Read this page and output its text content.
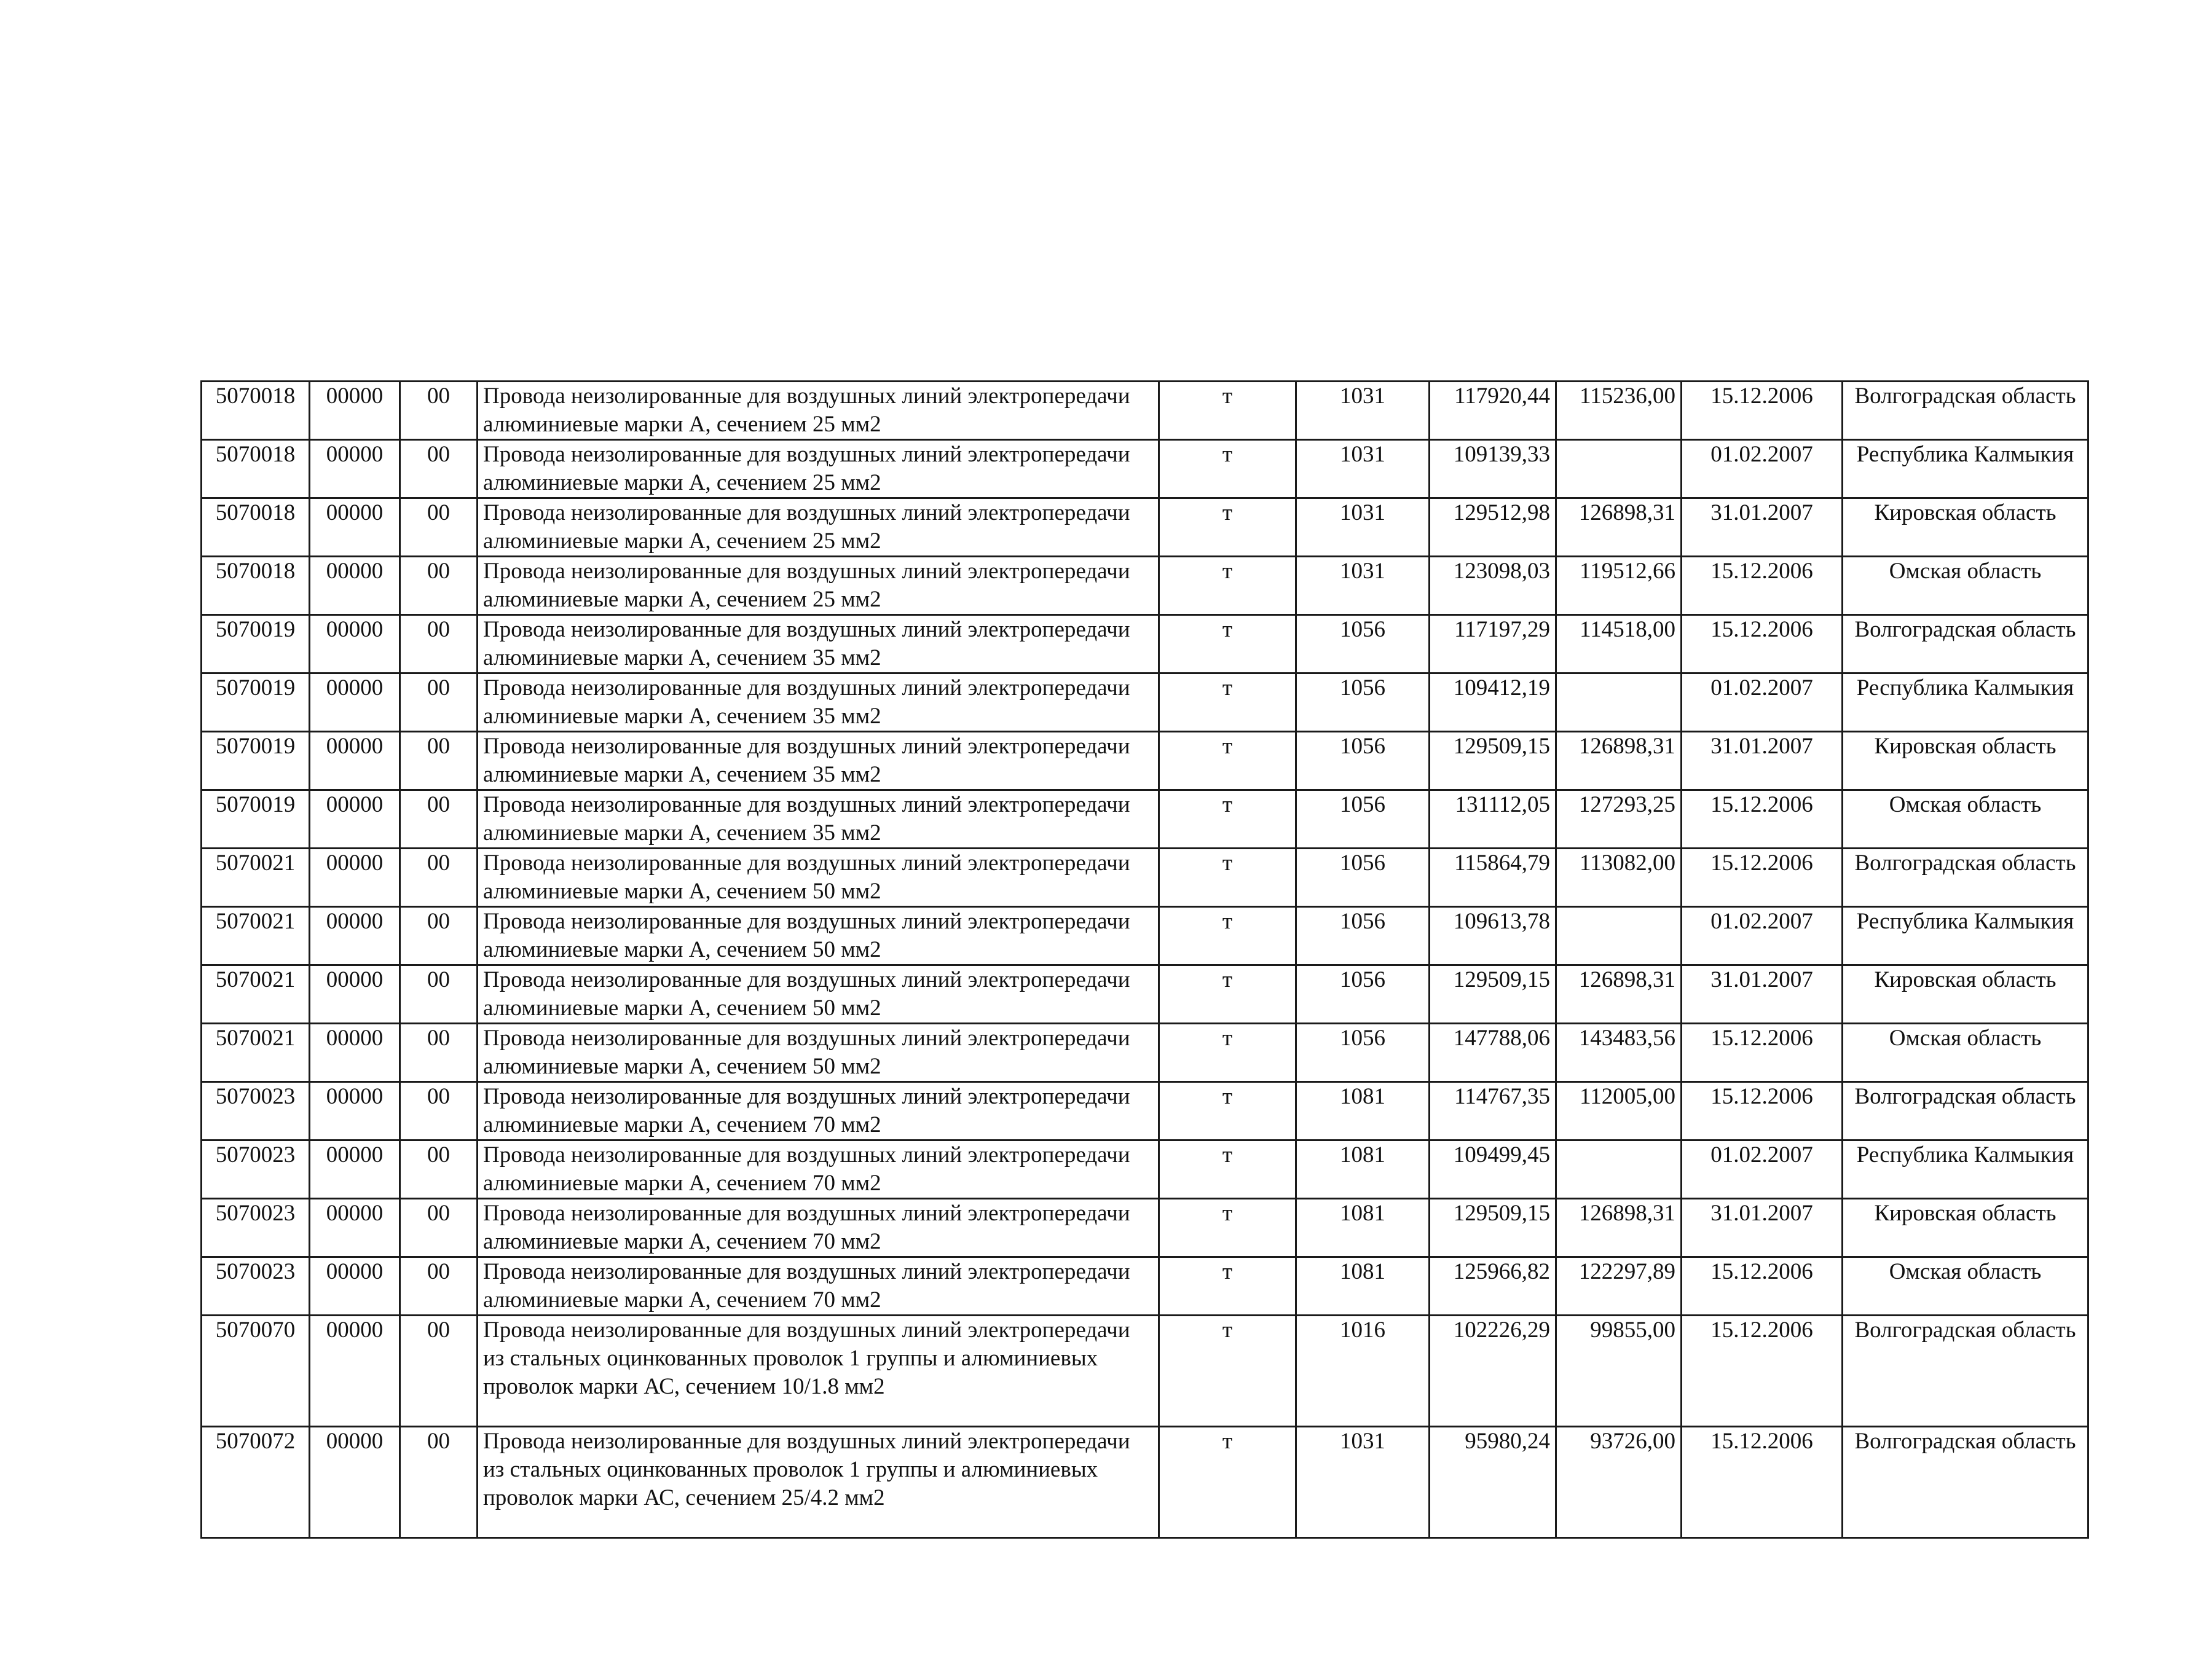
5070018	00000	00	Провода неизолированные для воздушных линий электропередачи алюминиевые марки А, сечением 25 мм2	т	1031	117920,44	115236,00	15.12.2006	Волгоградская область
5070018	00000	00	Провода неизолированные для воздушных линий электропередачи алюминиевые марки А, сечением 25 мм2	т	1031	109139,33		01.02.2007	Республика Калмыкия
5070018	00000	00	Провода неизолированные для воздушных линий электропередачи алюминиевые марки А, сечением 25 мм2	т	1031	129512,98	126898,31	31.01.2007	Кировская область
5070018	00000	00	Провода неизолированные для воздушных линий электропередачи алюминиевые марки А, сечением 25 мм2	т	1031	123098,03	119512,66	15.12.2006	Омская область
5070019	00000	00	Провода неизолированные для воздушных линий электропередачи алюминиевые марки А, сечением 35 мм2	т	1056	117197,29	114518,00	15.12.2006	Волгоградская область
5070019	00000	00	Провода неизолированные для воздушных линий электропередачи алюминиевые марки А, сечением 35 мм2	т	1056	109412,19		01.02.2007	Республика Калмыкия
5070019	00000	00	Провода неизолированные для воздушных линий электропередачи алюминиевые марки А, сечением 35 мм2	т	1056	129509,15	126898,31	31.01.2007	Кировская область
5070019	00000	00	Провода неизолированные для воздушных линий электропередачи алюминиевые марки А, сечением 35 мм2	т	1056	131112,05	127293,25	15.12.2006	Омская область
5070021	00000	00	Провода неизолированные для воздушных линий электропередачи алюминиевые марки А, сечением 50 мм2	т	1056	115864,79	113082,00	15.12.2006	Волгоградская область
5070021	00000	00	Провода неизолированные для воздушных линий электропередачи алюминиевые марки А, сечением 50 мм2	т	1056	109613,78		01.02.2007	Республика Калмыкия
5070021	00000	00	Провода неизолированные для воздушных линий электропередачи алюминиевые марки А, сечением 50 мм2	т	1056	129509,15	126898,31	31.01.2007	Кировская область
5070021	00000	00	Провода неизолированные для воздушных линий электропередачи алюминиевые марки А, сечением 50 мм2	т	1056	147788,06	143483,56	15.12.2006	Омская область
5070023	00000	00	Провода неизолированные для воздушных линий электропередачи алюминиевые марки А, сечением 70 мм2	т	1081	114767,35	112005,00	15.12.2006	Волгоградская область
5070023	00000	00	Провода неизолированные для воздушных линий электропередачи алюминиевые марки А, сечением 70 мм2	т	1081	109499,45		01.02.2007	Республика Калмыкия
5070023	00000	00	Провода неизолированные для воздушных линий электропередачи алюминиевые марки А, сечением 70 мм2	т	1081	129509,15	126898,31	31.01.2007	Кировская область
5070023	00000	00	Провода неизолированные для воздушных линий электропередачи алюминиевые марки А, сечением 70 мм2	т	1081	125966,82	122297,89	15.12.2006	Омская область
5070070	00000	00	Провода неизолированные для воздушных линий электропередачи из стальных оцинкованных проволок 1 группы и алюминиевых проволок марки АС, сечением 10/1.8 мм2	т	1016	102226,29	99855,00	15.12.2006	Волгоградская область
5070072	00000	00	Провода неизолированные для воздушных линий электропередачи из стальных оцинкованных проволок 1 группы и алюминиевых проволок марки АС, сечением 25/4.2 мм2	т	1031	95980,24	93726,00	15.12.2006	Волгоградская область
